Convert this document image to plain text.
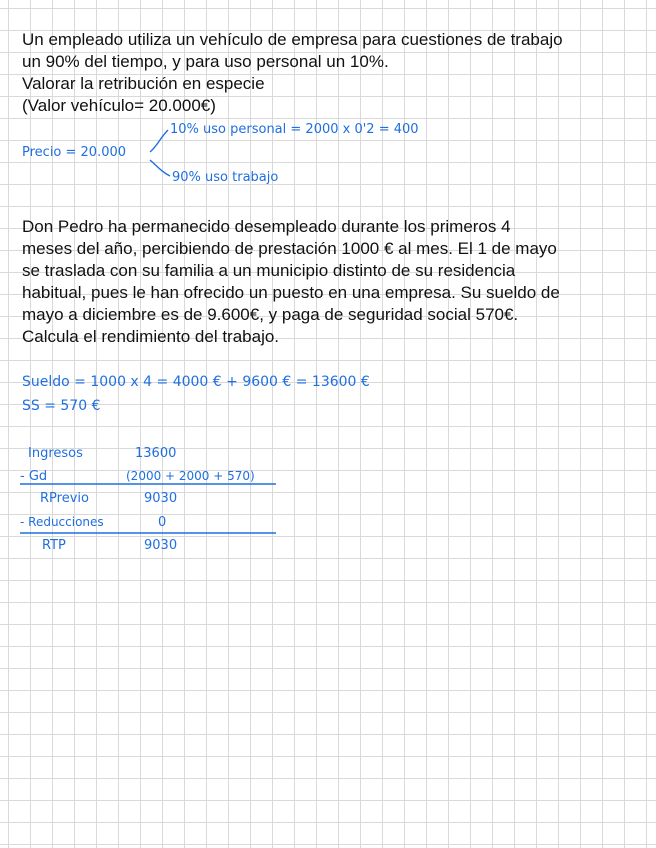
Un empleado utiliza un vehículo de empresa para cuestiones de trabajo
un 90% del tiempo, y para uso personal un 10%.
Valorar la retribución en especie
(Valor vehículo= 20.000€)
Precio = 20.000
10% uso personal = 2000 x 0'2 = 400
90% uso trabajo
Don Pedro ha permanecido desempleado durante los primeros 4
meses del año, percibiendo de prestación 1000 € al mes. El 1 de mayo
se traslada con su familia a un municipio distinto de su residencia
habitual, pues le han ofrecido un puesto en una empresa. Su sueldo de
mayo a diciembre es de 9.600€, y paga de seguridad social 570€.
Calcula el rendimiento del trabajo.
Sueldo = 1000 x 4 = 4000 € + 9600 € = 13600 €
SS = 570 €
Ingresos	13600
- Gd	(2000 + 2000 + 570)
RPrevio	9030
- Reducciones	0
RTP	9030
